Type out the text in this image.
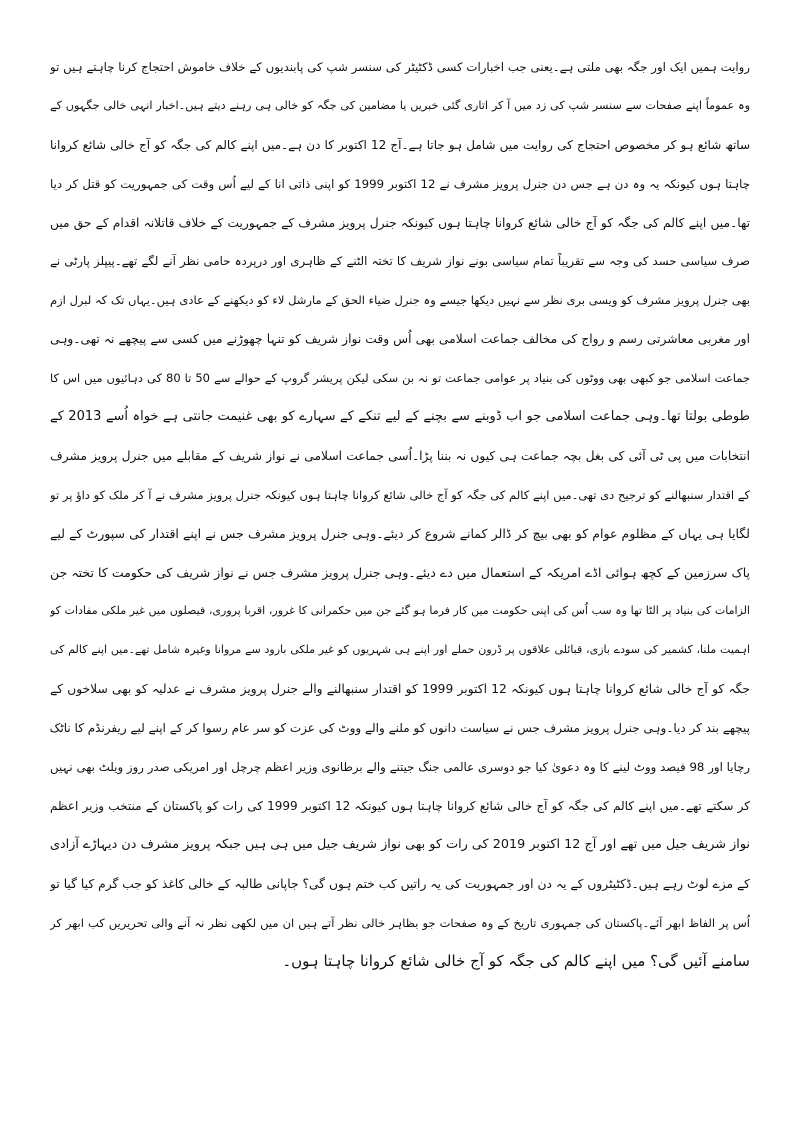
روایت ہمیں ایک اور جگہ بھی ملتی ہے۔یعنی جب اخبارات کسی ڈکٹیٹر کی سنسر شپ کی پابندیوں کے خلاف خاموش احتجاج کرنا چاہتے ہیں تو
وہ عموماً اپنے صفحات سے سنسر شپ کی زد میں آ کر اتاری گئی خبریں یا مضامین کی جگہ کو خالی ہی رہنے دیتے ہیں۔اخبار انہی خالی جگہوں کے
ساتھ شائع ہو کر مخصوص احتجاج کی روایت میں شامل ہو جاتا ہے۔آج 12 اکتوبر کا دن ہے۔میں اپنے کالم کی جگہ کو آج خالی شائع کروانا
چاہتا ہوں کیونکہ یہ وہ دن ہے جس دن جنرل پرویز مشرف نے 12 اکتوبر 1999 کو اپنی ذاتی انا کے لیے اُس وقت کی جمہوریت کو قتل کر دیا
تھا۔میں اپنے کالم کی جگہ کو آج خالی شائع کروانا چاہتا ہوں کیونکہ جنرل پرویز مشرف کے جمہوریت کے خلاف قاتلانہ اقدام کے حق میں
صرف سیاسی حسد کی وجہ سے تقریباً تمام سیاسی بونے نواز شریف کا تختہ الٹنے کے ظاہری اور درپردہ حامی نظر آنے لگے تھے۔پیپلز پارٹی نے
بھی جنرل پرویز مشرف کو ویسی بری نظر سے نہیں دیکھا جیسے وہ جنرل ضیاء الحق کے مارشل لاء کو دیکھنے کے عادی ہیں۔یہاں تک کہ لبرل ازم
اور مغربی معاشرتی رسم و رواج کی مخالف جماعت اسلامی بھی اُس وقت نواز شریف کو تنہا چھوڑنے میں کسی سے پیچھے نہ تھی۔وہی
جماعت اسلامی جو کبھی بھی ووٹوں کی بنیاد پر عوامی جماعت تو نہ بن سکی لیکن پریشر گروپ کے حوالے سے 50 تا 80 کی دہائیوں میں اس کا
طوطی بولتا تھا۔وہی جماعت اسلامی جو اب ڈوبنے سے بچنے کے لیے تنکے کے سہارے کو بھی غنیمت جانتی ہے خواہ اُسے 2013 کے
انتخابات میں پی ٹی آئی کی بغل بچہ جماعت ہی کیوں نہ بننا پڑا۔اُسی جماعت اسلامی نے نواز شریف کے مقابلے میں جنرل پرویز مشرف
کے اقتدار سنبھالنے کو ترجیح دی تھی۔میں اپنے کالم کی جگہ کو آج خالی شائع کروانا چاہتا ہوں کیونکہ جنرل پرویز مشرف نے آ کر ملک کو داؤ پر تو
لگایا ہی یہاں کے مظلوم عوام کو بھی بیچ کر ڈالر کمانے شروع کر دیئے۔وہی جنرل پرویز مشرف جس نے اپنے اقتدار کی سپورٹ کے لیے
پاک سرزمین کے کچھ ہوائی اڈے امریکہ کے استعمال میں دے دیئے۔وہی جنرل پرویز مشرف جس نے نواز شریف کی حکومت کا تختہ جن
الزامات کی بنیاد پر الٹا تھا وہ سب اُس کی اپنی حکومت میں کار فرما ہو گئے جن میں حکمرانی کا غرور، اقربا پروری، فیصلوں میں غیر ملکی مفادات کو
اہمیت ملنا، کشمیر کی سودے بازی، قبائلی علاقوں پر ڈرون حملے اور اپنے ہی شہریوں کو غیر ملکی بارود سے مروانا وغیرہ شامل تھے۔میں اپنے کالم کی
جگہ کو آج خالی شائع کروانا چاہتا ہوں کیونکہ 12 اکتوبر 1999 کو اقتدار سنبھالنے والے جنرل پرویز مشرف نے عدلیہ کو بھی سلاخوں کے
پیچھے بند کر دیا۔وہی جنرل پرویز مشرف جس نے سیاست دانوں کو ملنے والے ووٹ کی عزت کو سر عام رسوا کر کے اپنے لیے ریفرنڈم کا ناٹک
رچایا اور 98 فیصد ووٹ لینے کا وہ دعویٰ کیا جو دوسری عالمی جنگ جیتنے والے برطانوی وزیر اعظم چرچل اور امریکی صدر روز ویلٹ بھی نہیں
کر سکتے تھے۔میں اپنے کالم کی جگہ کو آج خالی شائع کروانا چاہتا ہوں کیونکہ 12 اکتوبر 1999 کی رات کو پاکستان کے منتخب وزیر اعظم
نواز شریف جیل میں تھے اور آج 12 اکتوبر 2019 کی رات کو بھی نواز شریف جیل میں ہی ہیں جبکہ پرویز مشرف دن دیہاڑے آزادی
کے مزے لوٹ رہے ہیں۔ڈکٹیٹروں کے یہ دن اور جمہوریت کی یہ راتیں کب ختم ہوں گی؟ جاپانی طالبہ کے خالی کاغذ کو جب گرم کیا گیا تو
اُس پر الفاظ ابھر آئے۔پاکستان کی جمہوری تاریخ کے وہ صفحات جو بظاہر خالی نظر آتے ہیں ان میں لکھی نظر نہ آنے والی تحریریں کب ابھر کر
سامنے آئیں گی؟ میں اپنے کالم کی جگہ کو آج خالی شائع کروانا چاہتا ہوں۔
